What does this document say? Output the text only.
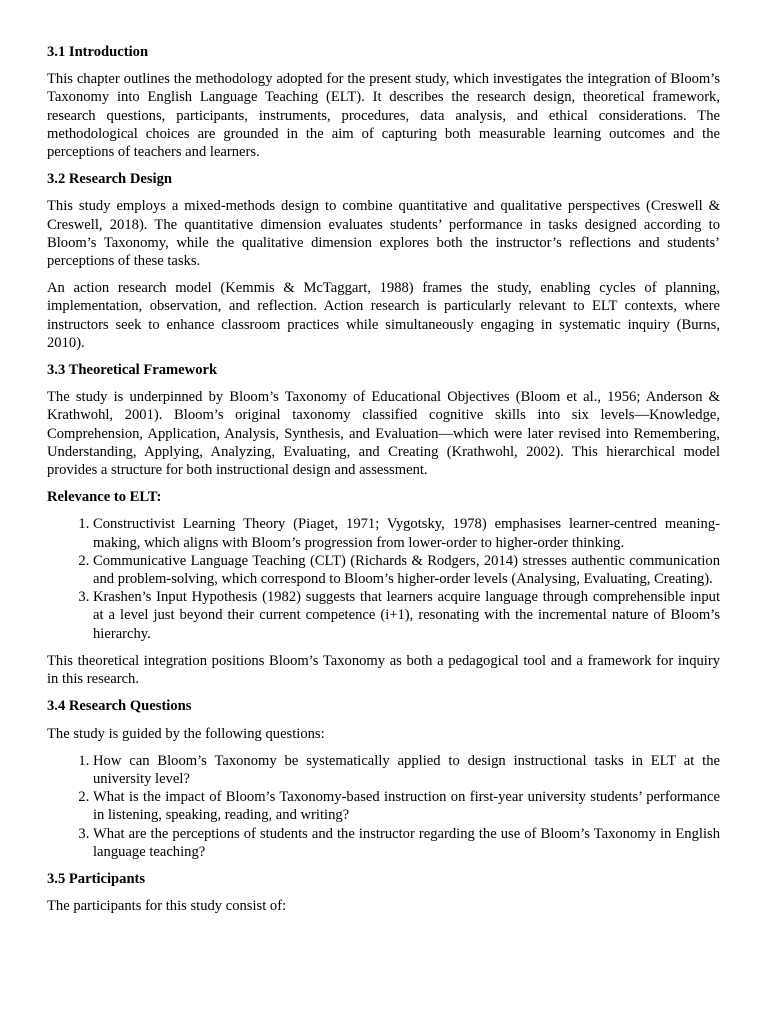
3.1 Introduction

This chapter outlines the methodology adopted for the present study, which investigates the integration of Bloom’s Taxonomy into English Language Teaching (ELT). It describes the research design, theoretical framework, research questions, participants, instruments, procedures, data analysis, and ethical considerations. The methodological choices are grounded in the aim of capturing both measurable learning outcomes and the perceptions of teachers and learners.

3.2 Research Design

This study employs a mixed-methods design to combine quantitative and qualitative perspectives (Creswell & Creswell, 2018). The quantitative dimension evaluates students’ performance in tasks designed according to Bloom’s Taxonomy, while the qualitative dimension explores both the instructor’s reflections and students’ perceptions of these tasks.

An action research model (Kemmis & McTaggart, 1988) frames the study, enabling cycles of planning, implementation, observation, and reflection. Action research is particularly relevant to ELT contexts, where instructors seek to enhance classroom practices while simultaneously engaging in systematic inquiry (Burns, 2010).

3.3 Theoretical Framework

The study is underpinned by Bloom’s Taxonomy of Educational Objectives (Bloom et al., 1956; Anderson & Krathwohl, 2001). Bloom’s original taxonomy classified cognitive skills into six levels—Knowledge, Comprehension, Application, Analysis, Synthesis, and Evaluation—which were later revised into Remembering, Understanding, Applying, Analyzing, Evaluating, and Creating (Krathwohl, 2002). This hierarchical model provides a structure for both instructional design and assessment.

Relevance to ELT:

1. Constructivist Learning Theory (Piaget, 1971; Vygotsky, 1978) emphasises learner-centred meaning-making, which aligns with Bloom’s progression from lower-order to higher-order thinking.
2. Communicative Language Teaching (CLT) (Richards & Rodgers, 2014) stresses authentic communication and problem-solving, which correspond to Bloom’s higher-order levels (Analysing, Evaluating, Creating).
3. Krashen’s Input Hypothesis (1982) suggests that learners acquire language through comprehensible input at a level just beyond their current competence (i+1), resonating with the incremental nature of Bloom’s hierarchy.

This theoretical integration positions Bloom’s Taxonomy as both a pedagogical tool and a framework for inquiry in this research.

3.4 Research Questions

The study is guided by the following questions:

1. How can Bloom’s Taxonomy be systematically applied to design instructional tasks in ELT at the university level?
2. What is the impact of Bloom’s Taxonomy-based instruction on first-year university students’ performance in listening, speaking, reading, and writing?
3. What are the perceptions of students and the instructor regarding the use of Bloom’s Taxonomy in English language teaching?
3.5 Participants

The participants for this study consist of:
